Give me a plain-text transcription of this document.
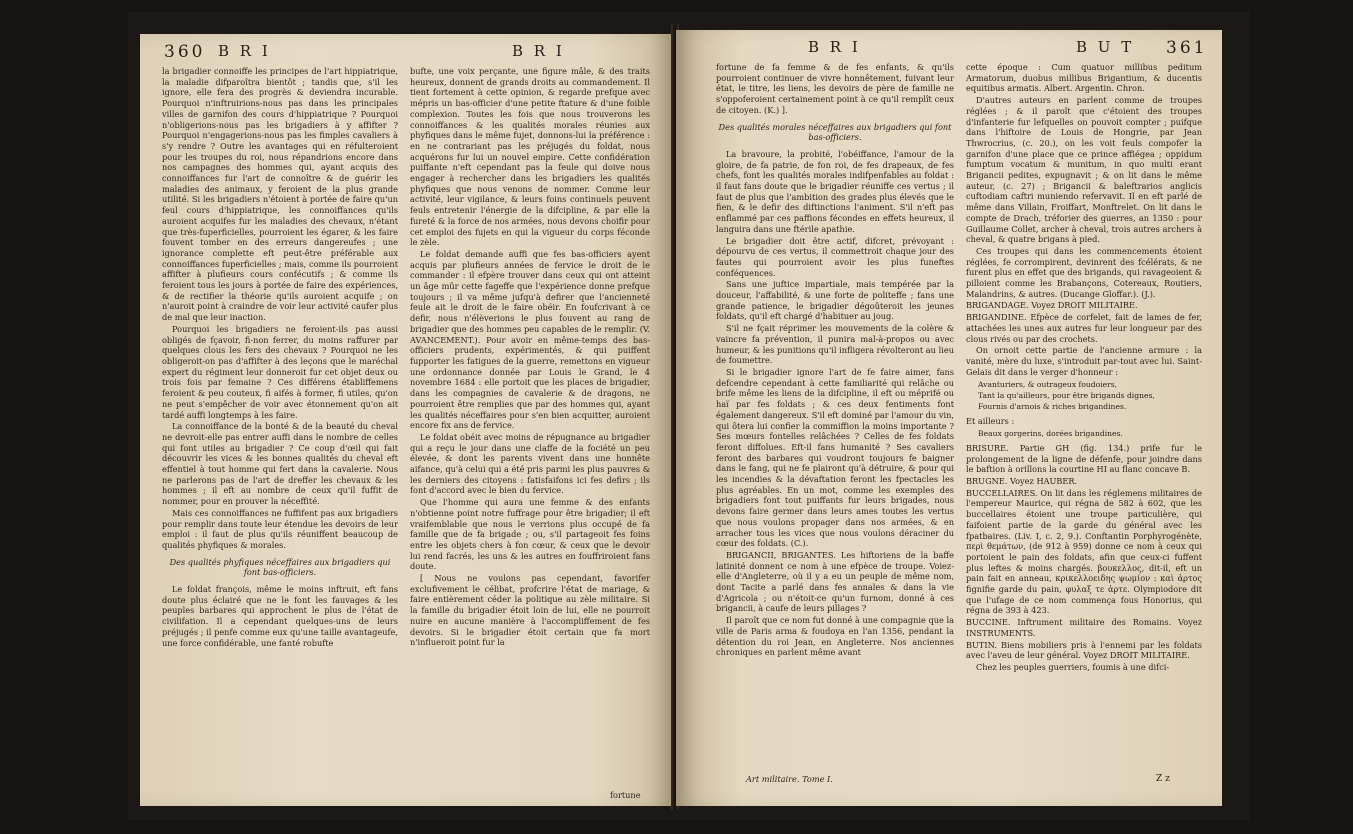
360 B R I	B R I

la brigadier connoiffe les principes de l'art hippiatrique, la maladie difparoîtra bientôt ; tandis que, s'il les ignore, elle fera des progrès & deviendra incurable. Pourquoi n'inftruirions-nous pas dans les principales villes de garnifon des cours d'hippiatrique ? Pourquoi n'obligerions-nous pas les brigadiers à y affifter ? Pourquoi n'engagerions-nous pas les fimples cavaliers à s'y rendre ? Outre les avantages qui en réfulteroient pour les troupes du roi, nous répandrions encore dans nos campagnes des hommes qui, ayant acquis des connoiffances fur l'art de connoître & de guérir les maladies des animaux, y feroient de la plus grande utilité. Si les brigadiers n'étoient à portée de faire qu'un feul cours d'hippiatrique, les connoiffances qu'ils auroient acquifes fur les maladies des chevaux, n'étant que très-fuperficielles, pourroient les égarer, & les faire fouvent tomber en des erreurs dangereufes ; une ignorance complette eft peut-être préférable aux connoiffances fuperficielles ; mais, comme ils pourroient affifter à plufieurs cours confécutifs ; & comme ils feroient tous les jours à portée de faire des expériences, & de rectifier la théorie qu'ils auroient acquife ; on n'auroit point à craindre de voir leur activité caufer plus de mal que leur inaction.

Pourquoi les brigadiers ne feroient-ils pas aussi obligés de fçavoir, fi-non ferrer, du moins raffurer par quelques clous les fers des chevaux ? Pourquoi ne les obligeroit-on pas d'affifter à des leçons que le maréchal expert du régiment leur donneroit fur cet objet deux ou trois fois par femaine ? Ces différens établiffemens feroient & peu couteux, fi aifés à former, fi utiles, qu'on ne peut s'empêcher de voir avec étonnement qu'on ait tardé auffi longtemps à les faire.

La connoiffance de la bonté & de la beauté du cheval ne devroit-elle pas entrer auffi dans le nombre de celles qui font utiles au brigadier ? Ce coup d'œil qui fait découvrir les vices & les bonnes qualités du cheval eft effentiel à tout homme qui fert dans la cavalerie. Nous ne parlerons pas de l'art de dreffer les chevaux & les hommes ; il eft au nombre de ceux qu'il fuffit de nommer, pour en prouver la néceffité.

Mais ces connoiffances ne fuffifent pas aux brigadiers pour remplir dans toute leur étendue les devoirs de leur emploi : il faut de plus qu'ils réuniffent beaucoup de qualités phyfiques & morales.

Des qualités phyfiques néceffaires aux brigadiers qui font bas-officiers.

Le foldat françois, même le moins inftruit, eft fans doute plus éclairé que ne le font les fauvages & les peuples barbares qui approchent le plus de l'état de civilifation. Il a cependant quelques-uns de leurs préjugés ; il penfe comme eux qu'une taille avantageufe, une force confidérable, une fanté robufte

bufte, une voix perçante, une figure mâle, & des traits heureux, donnent de grands droits au commandement. Il tient fortement à cette opinion, & regarde prefque avec mépris un bas-officier d'une petite ftature & d'une foible complexion. Toutes les fois que nous trouverons les connoiffances & les qualités morales réunies aux phyfiques dans le même fujet, donnons-lui la préférence : en ne contrariant pas les préjugés du foldat, nous acquérons fur lui un nouvel empire. Cette confidération puiffante n'eft cependant pas la feule qui doive nous engager à rechercher dans les brigadiers les qualités phyfiques que nous venons de nommer. Comme leur activité, leur vigilance, & leurs foins continuels peuvent feuls entretenir l'énergie de la difcipline, & par elle la fureté & la force de nos armées, nous devons choifir pour cet emploi des fujets en qui la vigueur du corps féconde le zèle.

Le foldat demande auffi que fes bas-officiers ayent acquis par plufieurs années de fervice le droit de le commander : il efpère trouver dans ceux qui ont atteint un âge mûr cette fageffe que l'expérience donne prefque toujours ; il va même jufqu'à defirer que l'ancienneté feule ait le droit de le faire obéir. En foufcrivant à ce defir, nous n'élèverions le plus fouvent au rang de brigadier que des hommes peu capables de le remplir. (V. AVANCEMENT.). Pour avoir en même-temps des bas-officiers prudents, expérimentés, & qui puiffent fupporter les fatigues de la guerre, remettons en vigueur une ordonnance donnée par Louis le Grand, le 4 novembre 1684 : elle portoit que les places de brigadier, dans les compagnies de cavalerie & de dragons, ne pourroient être remplies que par des hommes qui, ayant les qualités néceffaires pour s'en bien acquitter, auroient encore fix ans de fervice.

Le foldat obéit avec moins de répugnance au brigadier qui a reçu le jour dans une claffe de la fociété un peu élevée, & dont les parents vivent dans une honnête aifance, qu'à celui qui a été pris parmi les plus pauvres & les derniers des citoyens : fatisfaifons ici fes defirs ; ils font d'accord avec le bien du fervice.

Que l'homme qui aura une femme & des enfants n'obtienne point notre fuffrage pour être brigadier; il eft vraifemblable que nous le verrions plus occupé de fa famille que de fa brigade ; ou, s'il partageoit fes foins entre les objets chers à fon cœur, & ceux que le devoir lui rend facrés, les uns & les autres en fouffriroient fans doute.

[ Nous ne voulons pas cependant, favorifer exclufivement le célibat, profcrire l'état de mariage, & faire entièrement céder la politique au zèle militaire. Si la famille du brigadier étoit loin de lui, elle ne pourroit nuire en aucune manière à l'accompliffement de fes devoirs. Si le brigadier étoit certain que fa mort n'influeroit point fur la

fortune
B R I	B U T 361

fortune de fa femme & de fes enfants, & qu'ils pourroient continuer de vivre honnêtement, fuivant leur état, le titre, les liens, les devoirs de père de famille ne s'oppoferoient certainement point à ce qu'il remplît ceux de citoyen. (K.) ].

Des qualités morales néceffaires aux brigadiers qui font bas-officiers.

La bravoure, la probité, l'obéiffance, l'amour de la gloire, de fa patrie, de fon roi, de fes drapeaux, de fes chefs, font les qualités morales indifpenfables au foldat : il faut fans doute que le brigadier réuniffe ces vertus ; il faut de plus que l'ambition des grades plus élevés que le fien, & le defir des diftinctions l'animent. S'il n'eft pas enflammé par ces paffions fécondes en effets heureux, il languira dans une ftérile apathie.

Le brigadier doit être actif, difcret, prévoyant : dépourvu de ces vertus, il commettroit chaque jour des fautes qui pourroient avoir les plus funeftes conféquences.

Sans une juftice impartiale, mais tempérée par la douceur, l'affabilité, & une forte de politeffe ; fans une grande patience, le brigadier dégoûteroit les jeunes foldats, qu'il eft chargé d'habituer au joug.

S'il ne fçait réprimer les mouvements de la colère & vaincre fa prévention, il punira mal-à-propos ou avec humeur, & les punitions qu'il infligera révolteront au lieu de foumettre.

Si le brigadier ignore l'art de fe faire aimer, fans defcendre cependant à cette familiarité qui relâche ou brife même les liens de la difcipline, il eft ou méprifé ou haï par fes foldats ; & ces deux fentiments font également dangereux. S'il eft dominé par l'amour du vin, qui ôtera lui confier la commiffion la moins importante ? Ses mœurs fontelles relâchées ? Celles de fes foldats feront diffolues. Eft-il fans humanité ? Ses cavaliers feront des barbares qui voudront toujours fe baigner dans le fang, qui ne fe plairont qu'à détruire, & pour qui les incendies & la dévaftation feront les fpectacles les plus agréables. En un mot, comme les exemples des brigadiers font tout puiffants fur leurs brigades, nous devons faire germer dans leurs ames toutes les vertus que nous voulons propager dans nos armées, & en arracher tous les vices que nous voulons déraciner du cœur des foldats. (C.).

BRIGANCII, BRIGANTES. Les hiftoriens de la baffe latinité donnent ce nom à une efpèce de troupe. Voiez-elle d'Angleterre, où il y a eu un peuple de même nom, dont Tacite a parlé dans fes annales & dans la vie d'Agricola ; ou n'étoit-ce qu'un furnom, donné à ces brigancii, à caufe de leurs pillages ?

Il paroît que ce nom fut donné à une compagnie que la ville de Paris arma & foudoya en l'an 1356, pendant la détention du roi Jean, en Angleterre. Nos anciennes chroniques en parlent même avant

Art militaire. Tome I.

cette époque : Cum quatuor millibus peditum Armatorum, duobus millibus Brigantium, & ducentis equitibus armatis. Albert. Argentin. Chron.

D'autres auteurs en parlent comme de troupes réglées ; & il paroît que c'étoient des troupes d'infanterie fur lefquelles on pouvoit compter ; puifque dans l'hiftoire de Louis de Hongrie, par Jean Thwrocrius, (c. 20.), on les voit feuls compofer la garnifon d'une place que ce prince affiégea ; oppidum fumptum vocatum & munitum, in quo multi erant Brigancii pedites, expugnavit ; & on lit dans le même auteur, (c. 27) ; Brigancii & baleftrarios anglicis cuftodiam caftri muniendo refervavit. Il en eft parlé de même dans Villain, Froiffart, Monftrelet. On lit dans le compte de Drach, tréforier des guerres, an 1350 : pour Guillaume Collet, archer à cheval, trois autres archers à cheval, & quatre brigans à pied.

Ces troupes qui dans les commencements étoient réglées, fe corrompirent, devinrent des fcélérats, & ne furent plus en effet que des brigands, qui ravageoient & pilloient comme les Brabançons, Cotereaux, Routiers, Malandrins, & autres. (Ducange Gloffar.). (J.).

BRIGANDAGE. Voyez DROIT MILITAIRE.

BRIGANDINE. Efpèce de corfelet, fait de lames de fer, attachées les unes aux autres fur leur longueur par des clous rivés ou par des crochets.

On ornoit cette partie de l'ancienne armure : la vanité, mère du luxe, s'introduit par-tout avec lui. Saint-Gelais dit dans le verger d'honneur :

Avanturiers, & outrageux foudoiers,
Tant la qu'ailleurs, pour être brigands dignes,
Fournis d'arnois & riches brigandines.

Et ailleurs :

Beaux gorgerins, dorées brigandines.

BRISURE. Partie GH (fig. 134.) prife fur le prolongement de la ligne de défenfe, pour joindre dans le baftion à orillons la courtine HI au flanc concave B.

BRUGNE. Voyez HAUBER.

BUCCELLAIRES. On lit dans les réglemens militaires de l'empereur Maurice, qui régna de 582 à 602, que les buccellaires étoient une troupe particulière, qui faifoient partie de la garde du général avec les fpatbaires. (Liv. I, c. 2, 9.). Conftantin Porphyrogénète, περὶ θεμάτων, (de 912 à 959) donne ce nom à ceux qui portoient le pain des foldats, afin que ceux-ci fuffent plus leftes & moins chargés. βουκελλος, dit-il, eft un pain fait en anneau, κρικελλοειδης ψωμίον : καὶ ἁρτος fignifie garde du pain, φυλαξ τε ἀρτε. Olympiodore dit que l'ufage de ce nom commença fous Honorius, qui régna de 393 à 423.

BUCCINE. Inftrument militaire des Romains. Voyez INSTRUMENTS.

BUTIN. Biens mobiliers pris à l'ennemi par les foldats avec l'aveu de leur général. Voyez DROIT MILITAIRE.

Chez les peuples guerriers, foumis à une difci-

Z z
